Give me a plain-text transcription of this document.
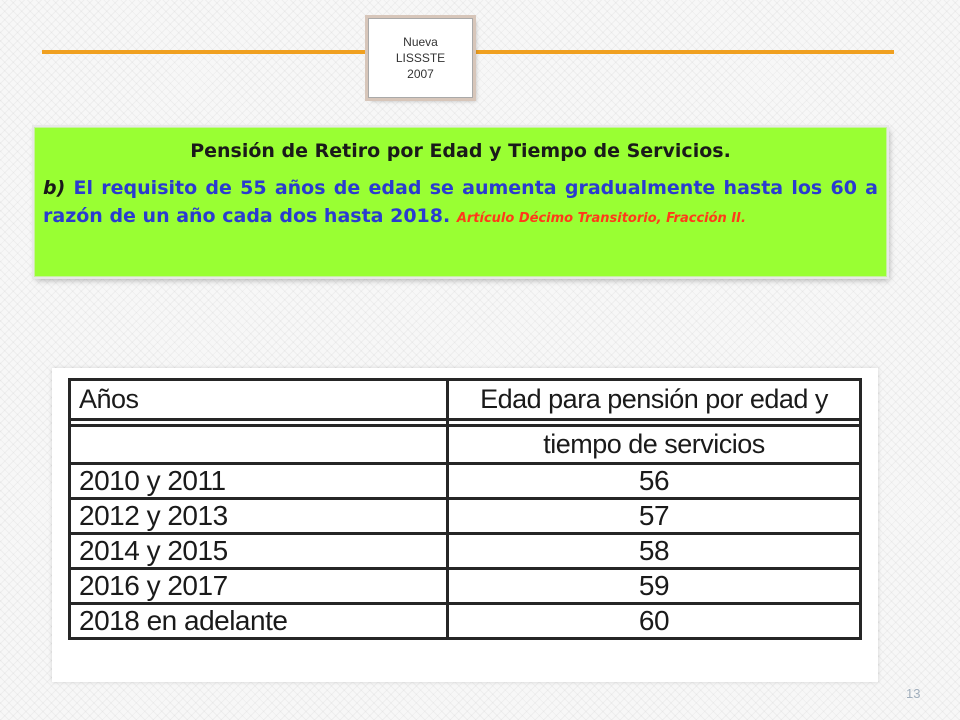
Nueva
LISSSTE
2007

Pensión de Retiro por Edad y Tiempo de Servicios.

b) El requisito de 55 años de edad se aumenta gradualmente hasta los 60 a razón de un año cada dos hasta 2018. Artículo Décimo Transitorio, Fracción II.

Años	Edad para pensión por edad y

	tiempo de servicios
2010 y 2011	56
2012 y 2013	57
2014 y 2015	58
2016 y 2017	59
2018 en adelante	60
13
